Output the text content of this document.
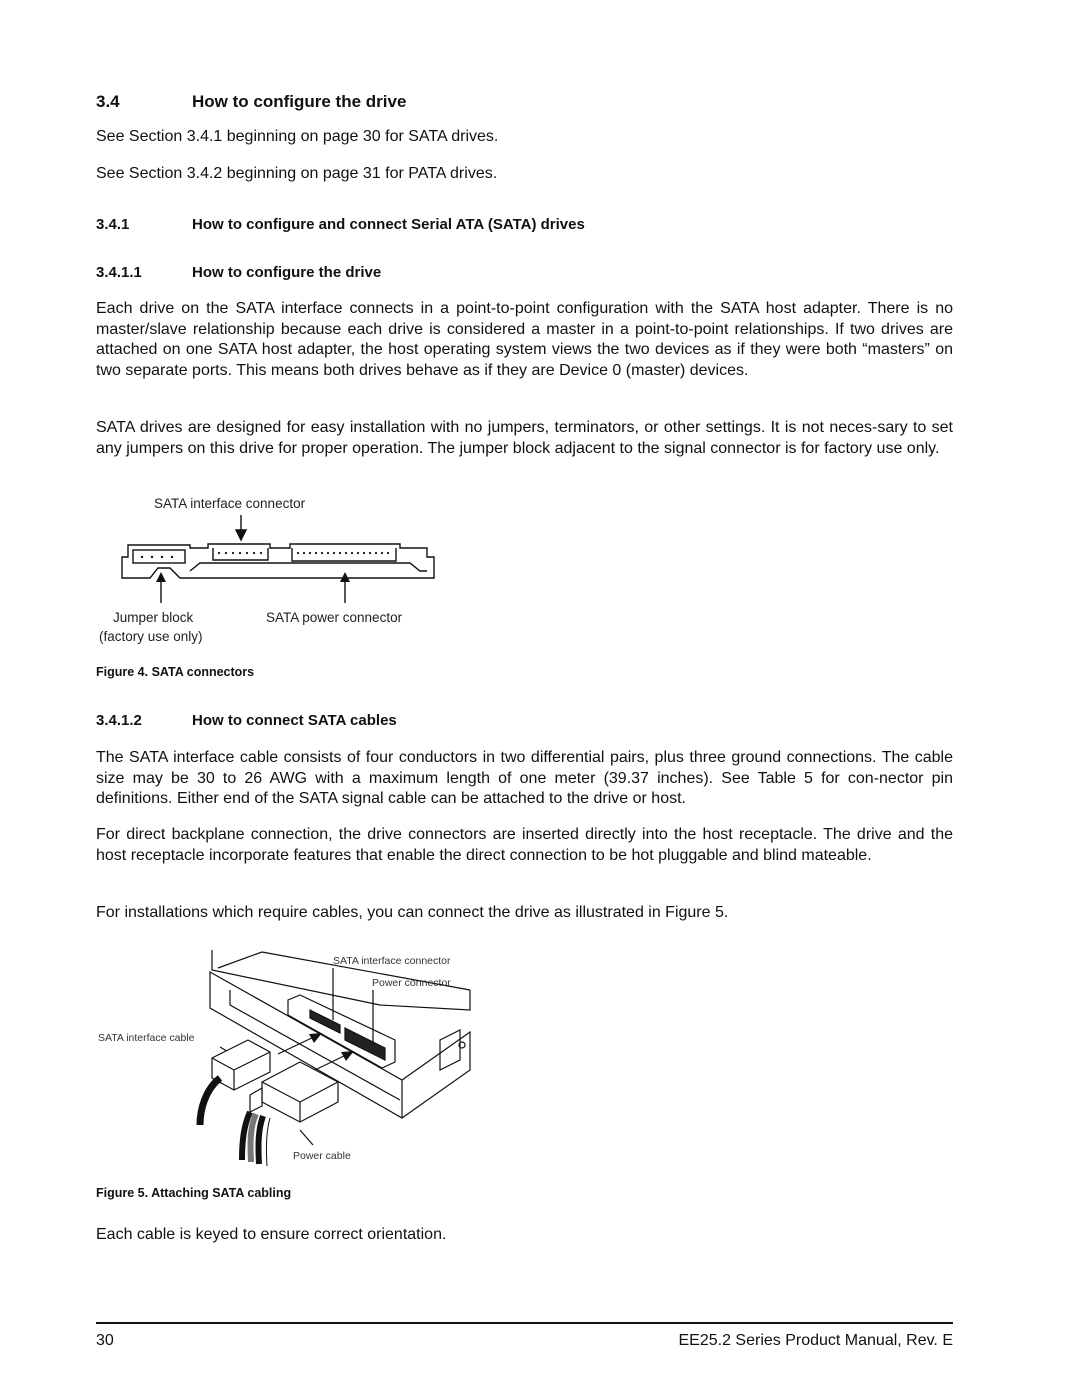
3.4	How to configure the drive
See Section 3.4.1 beginning on page 30 for SATA drives.
See Section 3.4.2 beginning on page 31 for PATA drives.
3.4.1	How to configure and connect Serial ATA (SATA) drives
3.4.1.1	How to configure the drive
Each drive on the SATA interface connects in a point-to-point configuration with the SATA host adapter. There is no master/slave relationship because each drive is considered a master in a point-to-point relationships. If two drives are attached on one SATA host adapter, the host operating system views the two devices as if they were both “masters” on two separate ports. This means both drives behave as if they are Device 0 (master) devices.
SATA drives are designed for easy installation with no jumpers, terminators, or other settings. It is not neces-sary to set any jumpers on this drive for proper operation. The jumper block adjacent to the signal connector is for factory use only.
SATA interface connector
Jumper block
(factory use only)
SATA power connector
Figure 4. SATA connectors
3.4.1.2	How to connect SATA cables
The SATA interface cable consists of four conductors in two differential pairs, plus three ground connections. The cable size may be 30 to 26 AWG with a maximum length of one meter (39.37 inches). See Table 5 for con-nector pin definitions. Either end of the SATA signal cable can be attached to the drive or host.
For direct backplane connection, the drive connectors are inserted directly into the host receptacle. The drive and the host receptacle incorporate features that enable the direct connection to be hot pluggable and blind mateable.
For installations which require cables, you can connect the drive as illustrated in Figure 5.
SATA interface connector
Power connector
SATA interface cable
Power cable
Figure 5. Attaching SATA cabling
Each cable is keyed to ensure correct orientation.
30	EE25.2 Series Product Manual, Rev. E
